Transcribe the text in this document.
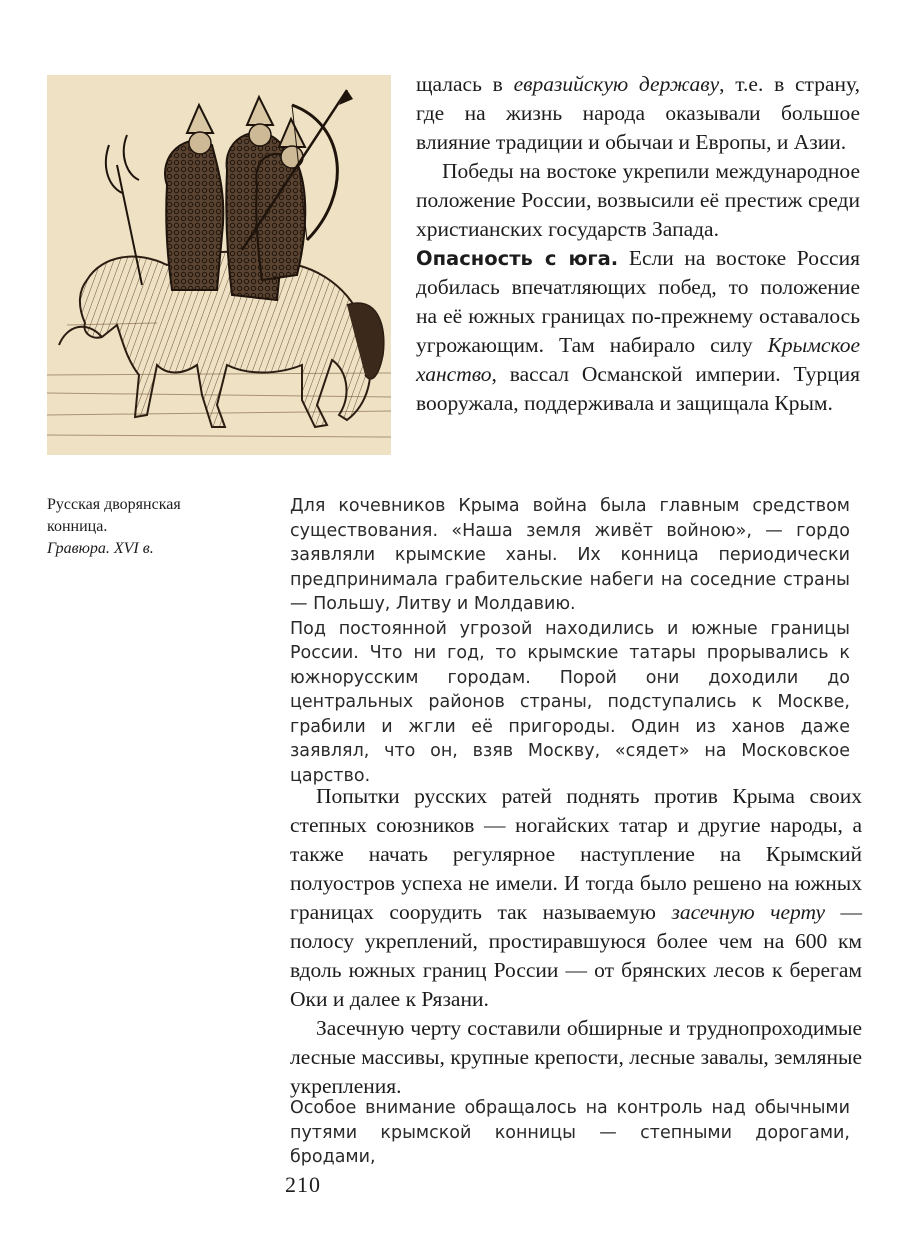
щалась в евразийскую державу, т.е. в страну, где на жизнь народа оказывали большое влияние традиции и обычаи и Европы, и Азии.

Победы на востоке укрепили международное положение России, возвысили её престиж среди христианских государств Запада.

Опасность с юга. Если на востоке Россия добилась впечатляющих побед, то положение на её южных границах по-прежнему оставалось угрожающим. Там набирало силу Крымское ханство, вассал Османской империи. Турция вооружала, поддерживала и защищала Крым.

Русская дворянская
конница.
Гравюра. XVI в.

Для кочевников Крыма война была главным средством существования. «Наша земля живёт войною», — гордо заявляли крымские ханы. Их конница периодически предпринимала грабительские набеги на соседние страны — Польшу, Литву и Молдавию.

Под постоянной угрозой находились и южные границы России. Что ни год, то крымские татары прорывались к южнорусским городам. Порой они доходили до центральных районов страны, подступались к Москве, грабили и жгли её пригороды. Один из ханов даже заявлял, что он, взяв Москву, «сядет» на Московское царство.

Попытки русских ратей поднять против Крыма своих степных союзников — ногайских татар и другие народы, а также начать регулярное наступление на Крымский полуостров успеха не имели. И тогда было решено на южных границах соорудить так называемую засечную черту — полосу укреплений, простиравшуюся более чем на 600 км вдоль южных границ России — от брянских лесов к берегам Оки и далее к Рязани.

Засечную черту составили обширные и труднопроходимые лесные массивы, крупные крепости, лесные завалы, земляные укрепления.

Особое внимание обращалось на контроль над обычными путями крымской конницы — степными дорогами, бродами,

210
